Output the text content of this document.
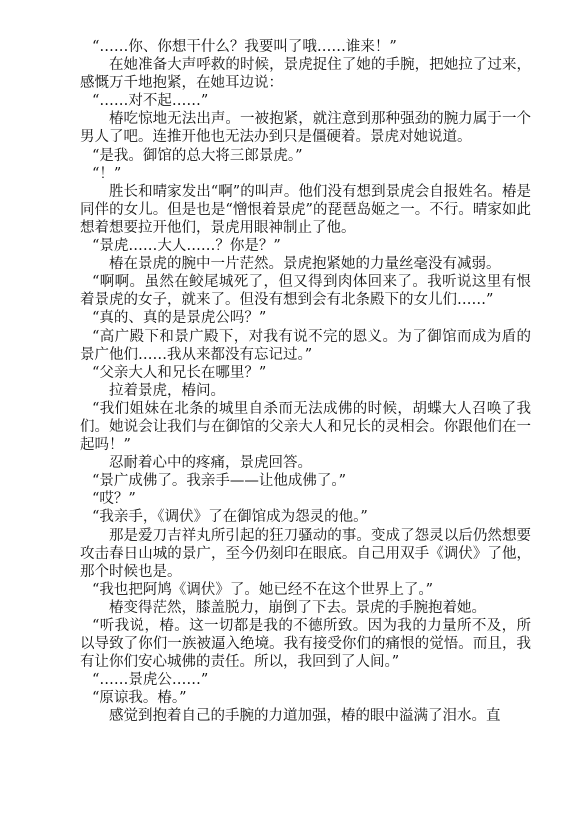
“……你、你想干什么？我要叫了哦……谁来！”

在她准备大声呼救的时候，景虎捉住了她的手腕，把她拉了过来，感慨万千地抱紧，在她耳边说：

“……对不起……”

椿吃惊地无法出声。一被抱紧，就注意到那种强劲的腕力属于一个男人了吧。连推开他也无法办到只是僵硬着。景虎对她说道。

“是我。御馆的总大将三郎景虎。”

“！”

胜长和晴家发出“啊”的叫声。他们没有想到景虎会自报姓名。椿是同伴的女儿。但是也是“憎恨着景虎”的琵琶岛姬之一。不行。晴家如此想着想要拉开他们，景虎用眼神制止了他。

“景虎……大人……？你是？”

椿在景虎的腕中一片茫然。景虎抱紧她的力量丝毫没有减弱。

“啊啊。虽然在鲛尾城死了，但又得到肉体回来了。我听说这里有恨着景虎的女子，就来了。但没有想到会有北条殿下的女儿们……”

“真的、真的是景虎公吗？”

“高广殿下和景广殿下，对我有说不完的恩义。为了御馆而成为盾的景广他们……我从来都没有忘记过。”

“父亲大人和兄长在哪里？”

拉着景虎，椿问。

“我们姐妹在北条的城里自杀而无法成佛的时候，胡蝶大人召唤了我们。她说会让我们与在御馆的父亲大人和兄长的灵相会。你跟他们在一起吗！”

忍耐着心中的疼痛，景虎回答。

“景广成佛了。我亲手——让他成佛了。”

“哎？”

“我亲手，《调伏》了在御馆成为怨灵的他。”

那是爱刀吉祥丸所引起的狂刀骚动的事。变成了怨灵以后仍然想要攻击春日山城的景广，至今仍刻印在眼底。自己用双手《调伏》了他，那个时候也是。

“我也把阿鸠《调伏》了。她已经不在这个世界上了。”

椿变得茫然，膝盖脱力，崩倒了下去。景虎的手腕抱着她。

“听我说，椿。这一切都是我的不德所致。因为我的力量所不及，所以导致了你们一族被逼入绝境。我有接受你们的痛恨的觉悟。而且，我有让你们安心城佛的责任。所以，我回到了人间。”

“……景虎公……”

“原谅我。椿。”

感觉到抱着自己的手腕的力道加强，椿的眼中溢满了泪水。直
